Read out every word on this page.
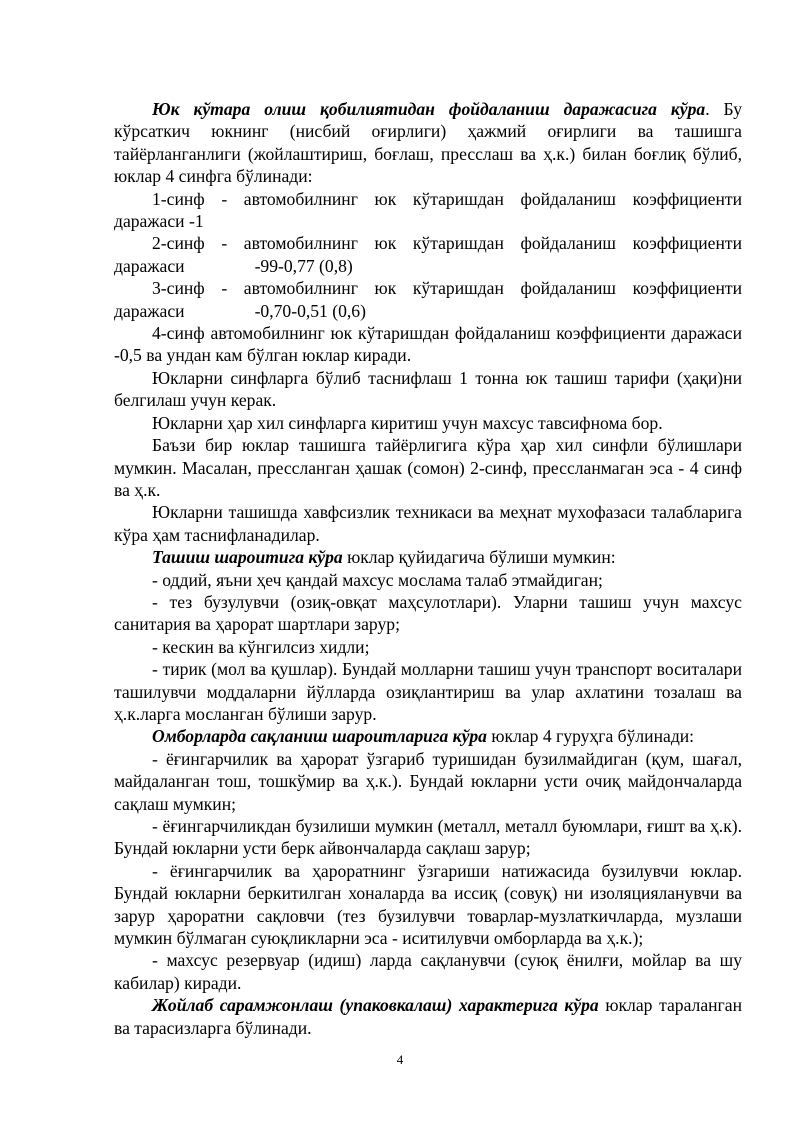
Юк кўтара олиш қобилиятидан фойдаланиш даражасига кўра. Бу кўрсаткич юкнинг (нисбий оғирлиги) ҳажмий оғирлиги ва ташишга тайёрланганлиги (жойлаштириш, боғлаш, пресслаш ва ҳ.к.) билан боғлиқ бўлиб, юклар 4 синфга бўлинади:

1-синф - автомобилнинг юк кўтаришдан фойдаланиш коэффициенти даражаси -1

2-синф - автомобилнинг юк кўтаришдан фойдаланиш коэффициенти даражаси	-99-0,77 (0,8)

3-синф - автомобилнинг юк кўтаришдан фойдаланиш коэффициенти даражаси	-0,70-0,51 (0,6)

4-синф автомобилнинг юк кўтаришдан фойдаланиш коэффициенти даражаси -0,5 ва ундан кам бўлган юклар киради.

Юкларни синфларга бўлиб таснифлаш 1 тонна юк ташиш тарифи (ҳақи)ни белгилаш учун керак.

Юкларни ҳар хил синфларга киритиш учун махсус тавсифнома бор.

Баъзи бир юклар ташишга тайёрлигига кўра ҳар хил синфли бўлишлари мумкин. Масалан, прессланган ҳашак (сомон) 2-синф, прессланмаган эса - 4 синф ва ҳ.к.

Юкларни ташишда хавфсизлик техникаси ва меҳнат мухофазаси талабларига кўра ҳам таснифланадилар.

Ташиш шароитига кўра юклар қуйидагича бўлиши мумкин:

- оддий, яъни ҳеч қандай махсус мослама талаб этмайдиган;

- тез бузулувчи (озиқ-овқат маҳсулотлари). Уларни ташиш учун махсус санитария ва ҳарорат шартлари зарур;

- кескин ва кўнгилсиз хидли;

- тирик (мол ва қушлар). Бундай молларни ташиш учун транспорт воситалари ташилувчи моддаларни йўлларда озиқлантириш ва улар ахлатини тозалаш ва ҳ.к.ларга мосланган бўлиши зарур.

Омборларда сақланиш шароитларига кўра юклар 4 гуруҳга бўлинади:

- ёғингарчилик ва ҳарорат ўзгариб туришидан бузилмайдиган (қум, шағал, майдаланган тош, тошкўмир ва ҳ.к.). Бундай юкларни усти очиқ майдончаларда сақлаш мумкин;

- ёғингарчиликдан бузилиши мумкин (металл, металл буюмлари, ғишт ва ҳ.к). Бундай юкларни усти берк айвончаларда сақлаш зарур;

- ёғингарчилик ва ҳароратнинг ўзгариши натижасида бузилувчи юклар. Бундай юкларни беркитилган хоналарда ва иссиқ (совуқ) ни изоляцияланувчи ва зарур ҳароратни сақловчи (тез бузилувчи товарлар-музлаткичларда, музлаши мумкин бўлмаган суюқликларни эса - иситилувчи омборларда ва ҳ.к.);

- махсус резервуар (идиш) ларда сақланувчи (суюқ ёнилғи, мойлар ва шу кабилар) киради.

Жойлаб сарамжонлаш (упаковкалаш) характерига кўра юклар тараланган ва тарасизларга бўлинади.

4
